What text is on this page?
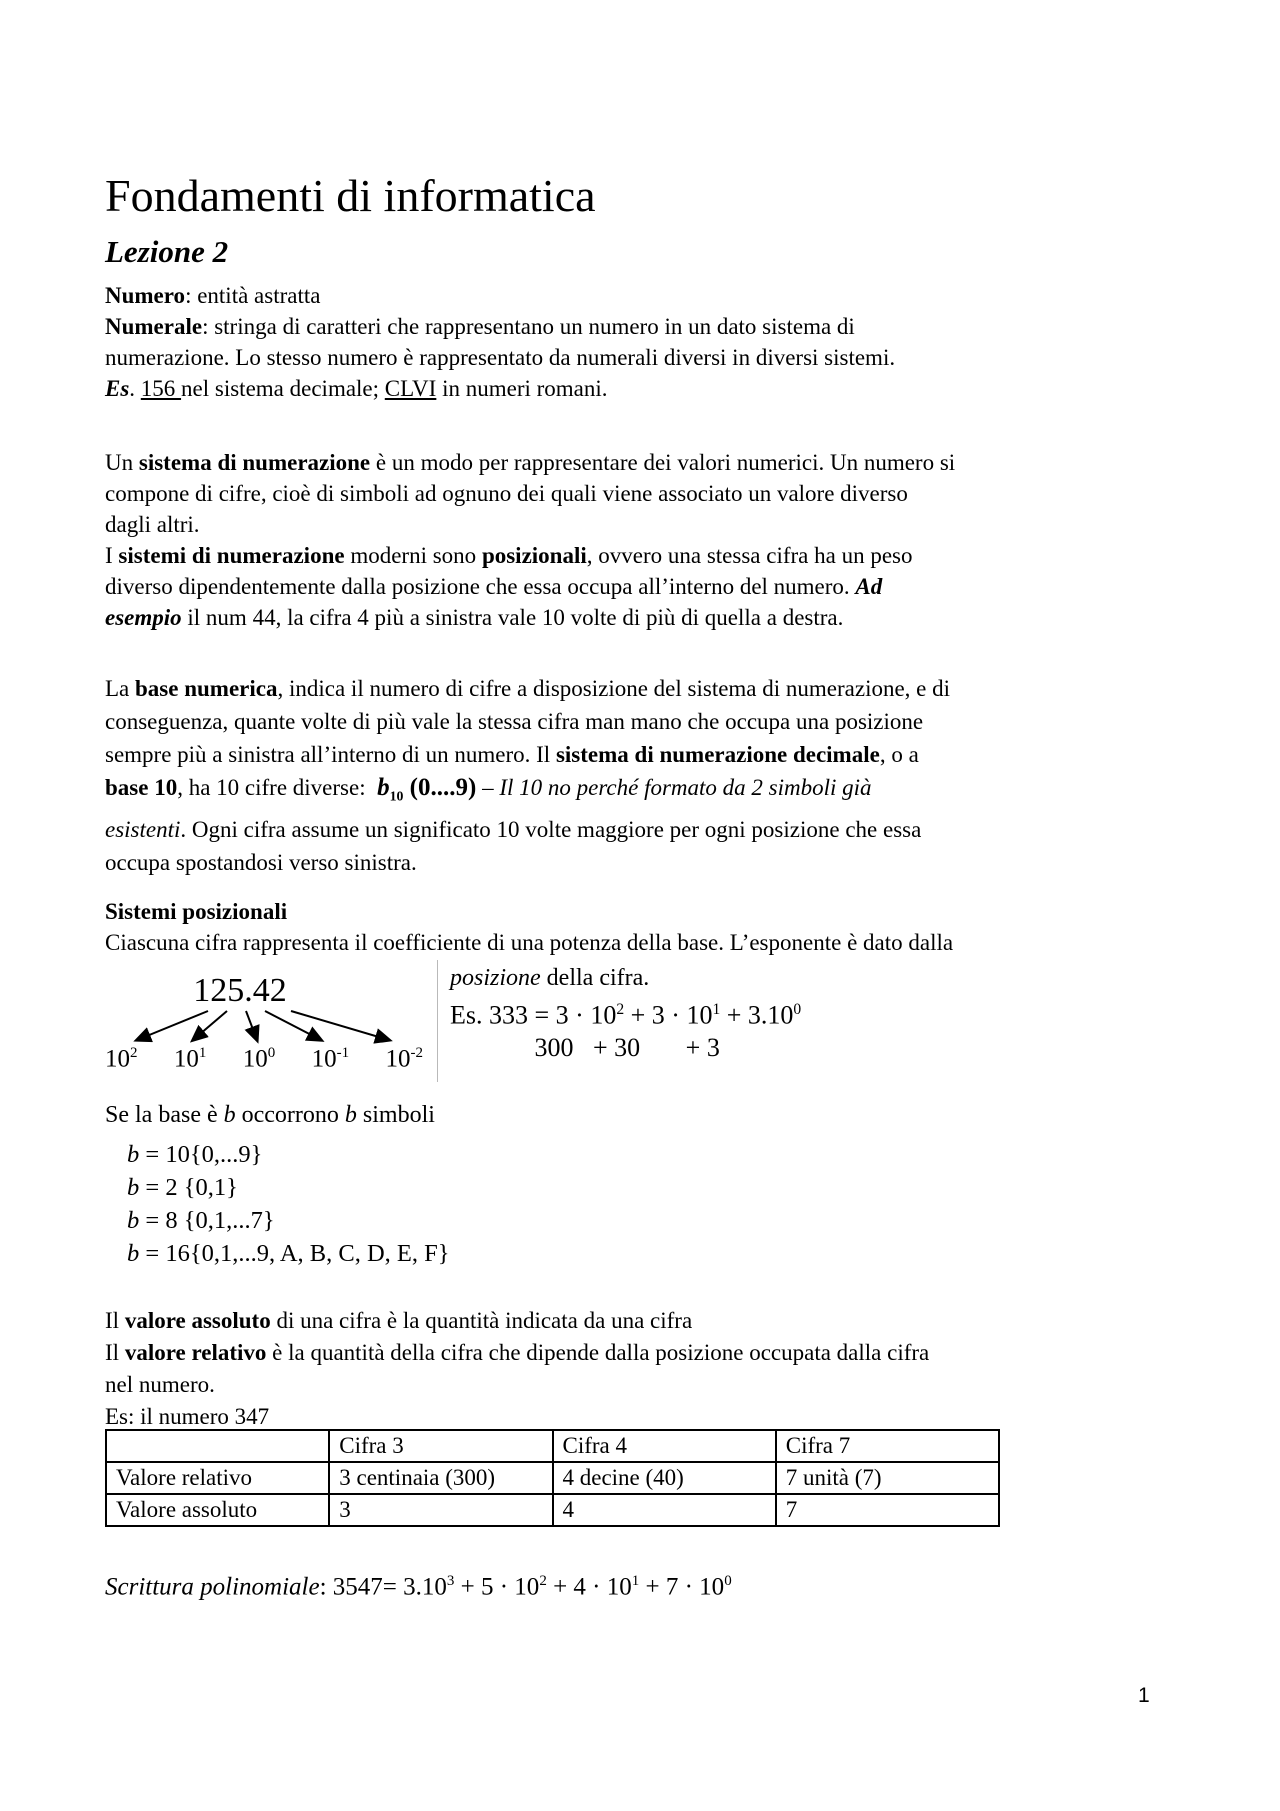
Fondamenti di informatica
Lezione 2
Numero: entità astratta
Numerale: stringa di caratteri che rappresentano un numero in un dato sistema di
numerazione. Lo stesso numero è rappresentato da numerali diversi in diversi sistemi.
Es. 156 nel sistema decimale; CLVI in numeri romani.
Un sistema di numerazione è un modo per rappresentare dei valori numerici. Un numero si
compone di cifre, cioè di simboli ad ognuno dei quali viene associato un valore diverso
dagli altri.
I sistemi di numerazione moderni sono posizionali, ovvero una stessa cifra ha un peso
diverso dipendentemente dalla posizione che essa occupa all’interno del numero. Ad
esempio il num 44, la cifra 4 più a sinistra vale 10 volte di più di quella a destra.
La base numerica, indica il numero di cifre a disposizione del sistema di numerazione, e di
conseguenza, quante volte di più vale la stessa cifra man mano che occupa una posizione
sempre più a sinistra all’interno di un numero. Il sistema di numerazione decimale, o a
base 10, ha 10 cifre diverse:  $b_{10}$ (0....9) – Il 10 no perché formato da 2 simboli già
esistenti. Ogni cifra assume un significato 10 volte maggiore per ogni posizione che essa
occupa spostandosi verso sinistra.
Sistemi posizionali
Ciascuna cifra rappresenta il coefficiente di una potenza della base. L’esponente è dato dalla
125.42
$10^2$ $10^1$ $10^0$ $10^{-1}$ $10^{-2}$
posizione della cifra.
Es. $333 = 3 \cdot 10^2 + 3 \cdot 10^1 + 3.10^0$
300   + 30       + 3
Se la base è b occorrono b simboli
b = 10{0,...9}
b = 2 {0,1}
b = 8 {0,1,...7}
b = 16{0,1,...9, A, B, C, D, E, F}
Il valore assoluto di una cifra è la quantità indicata da una cifra
Il valore relativo è la quantità della cifra che dipende dalla posizione occupata dalla cifra
nel numero.
Es: il numero 347
	Cifra 3	Cifra 4	Cifra 7
Valore relativo	3 centinaia (300)	4 decine (40)	7 unità (7)
Valore assoluto	3	4	7
Scrittura polinomiale: $3547= 3.10^3 + 5 \cdot 10^2 + 4 \cdot 10^1 + 7 \cdot 10^0$
1
